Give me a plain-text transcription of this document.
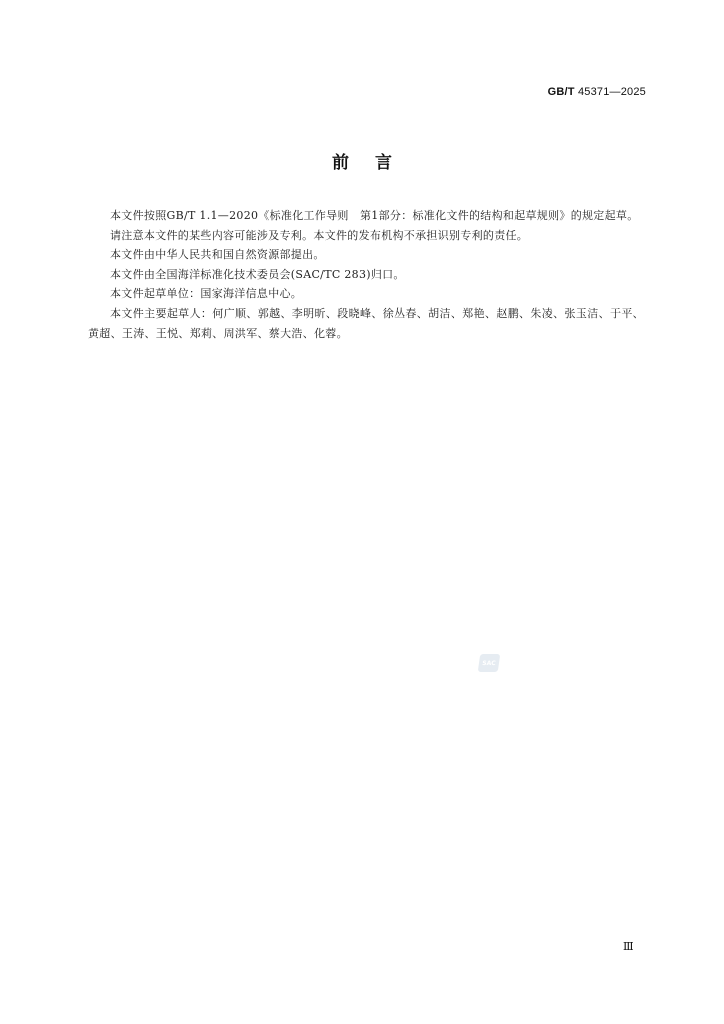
GB/T 45371—2025
前言

本文件按照GB/T 1.1—2020《标准化工作导则　第1部分：标准化文件的结构和起草规则》的规定起草。

请注意本文件的某些内容可能涉及专利。本文件的发布机构不承担识别专利的责任。

本文件由中华人民共和国自然资源部提出。

本文件由全国海洋标准化技术委员会(SAC/TC 283)归口。

本文件起草单位：国家海洋信息中心。

本文件主要起草人：何广顺、郭越、李明昕、段晓峰、徐丛春、胡洁、郑艳、赵鹏、朱凌、张玉洁、于平、黄超、王涛、王悦、郑莉、周洪军、蔡大浩、化蓉。

SAC
Ⅲ
